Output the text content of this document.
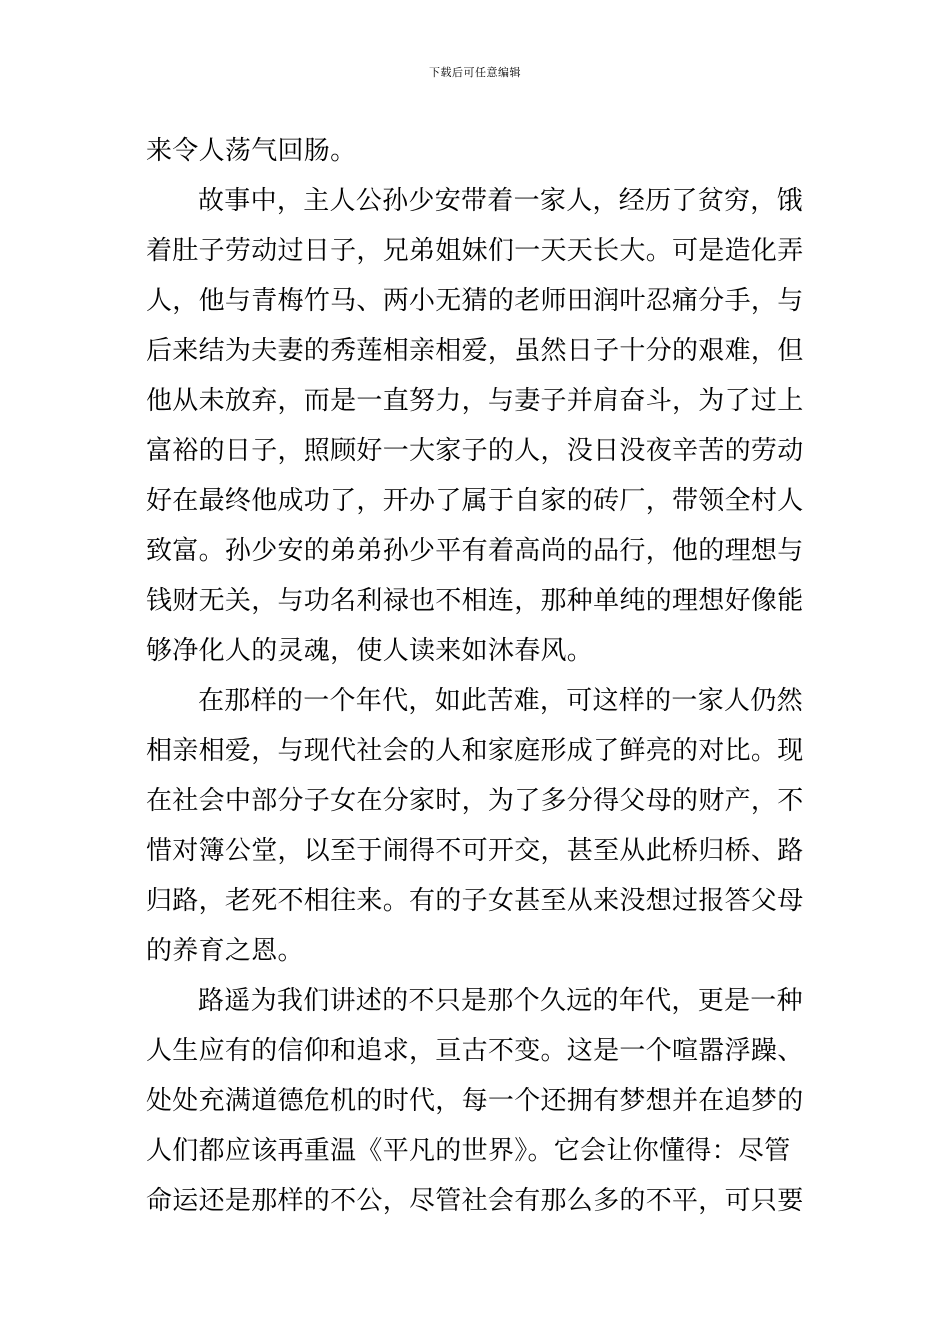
下载后可任意编辑
来令人荡气回肠。
故事中，主人公孙少安带着一家人，经历了贫穷，饿
着肚子劳动过日子，兄弟姐妹们一天天长大。可是造化弄
人，他与青梅竹马、两小无猜的老师田润叶忍痛分手，与
后来结为夫妻的秀莲相亲相爱，虽然日子十分的艰难，但
他从未放弃，而是一直努力，与妻子并肩奋斗，为了过上
富裕的日子，照顾好一大家子的人，没日没夜辛苦的劳动
好在最终他成功了，开办了属于自家的砖厂，带领全村人
致富。孙少安的弟弟孙少平有着高尚的品行，他的理想与
钱财无关，与功名利禄也不相连，那种单纯的理想好像能
够净化人的灵魂，使人读来如沐春风。
在那样的一个年代，如此苦难，可这样的一家人仍然
相亲相爱，与现代社会的人和家庭形成了鲜亮的对比。现
在社会中部分子女在分家时，为了多分得父母的财产，不
惜对簿公堂，以至于闹得不可开交，甚至从此桥归桥、路
归路，老死不相往来。有的子女甚至从来没想过报答父母
的养育之恩。
路遥为我们讲述的不只是那个久远的年代，更是一种
人生应有的信仰和追求，亘古不变。这是一个喧嚣浮躁、
处处充满道德危机的时代，每一个还拥有梦想并在追梦的
人们都应该再重温《平凡的世界》。它会让你懂得：尽管
命运还是那样的不公，尽管社会有那么多的不平，可只要
